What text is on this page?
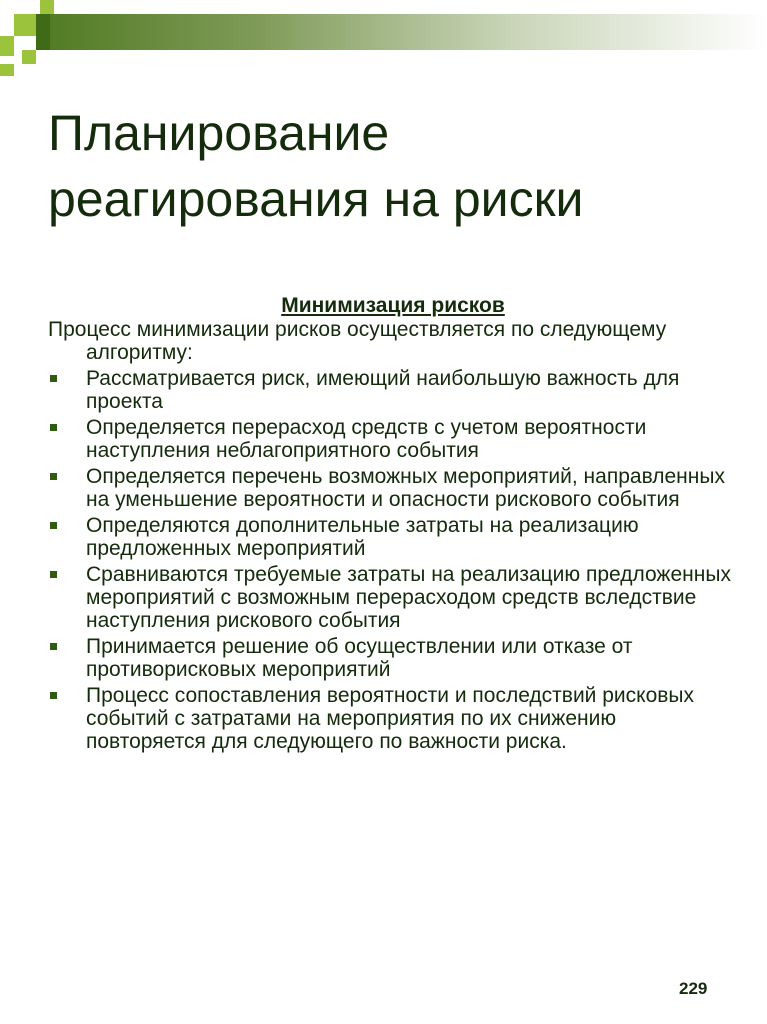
Планирование
реагирования на риски

Минимизация рисков

Процесс минимизации рисков осуществляется по следующему алгоритму:

Рассматривается риск, имеющий наибольшую важность для проекта
Определяется перерасход средств с учетом вероятности наступления неблагоприятного события
Определяется перечень возможных мероприятий, направленных на уменьшение вероятности и опасности рискового события
Определяются дополнительные затраты на реализацию предложенных мероприятий
Сравниваются требуемые затраты на реализацию предложенных мероприятий с возможным перерасходом средств вследствие наступления рискового события
Принимается решение об осуществлении или отказе от противорисковых мероприятий
Процесс сопоставления вероятности и последствий рисковых событий с затратами на мероприятия по их снижению повторяется для следующего по важности риска.
229
